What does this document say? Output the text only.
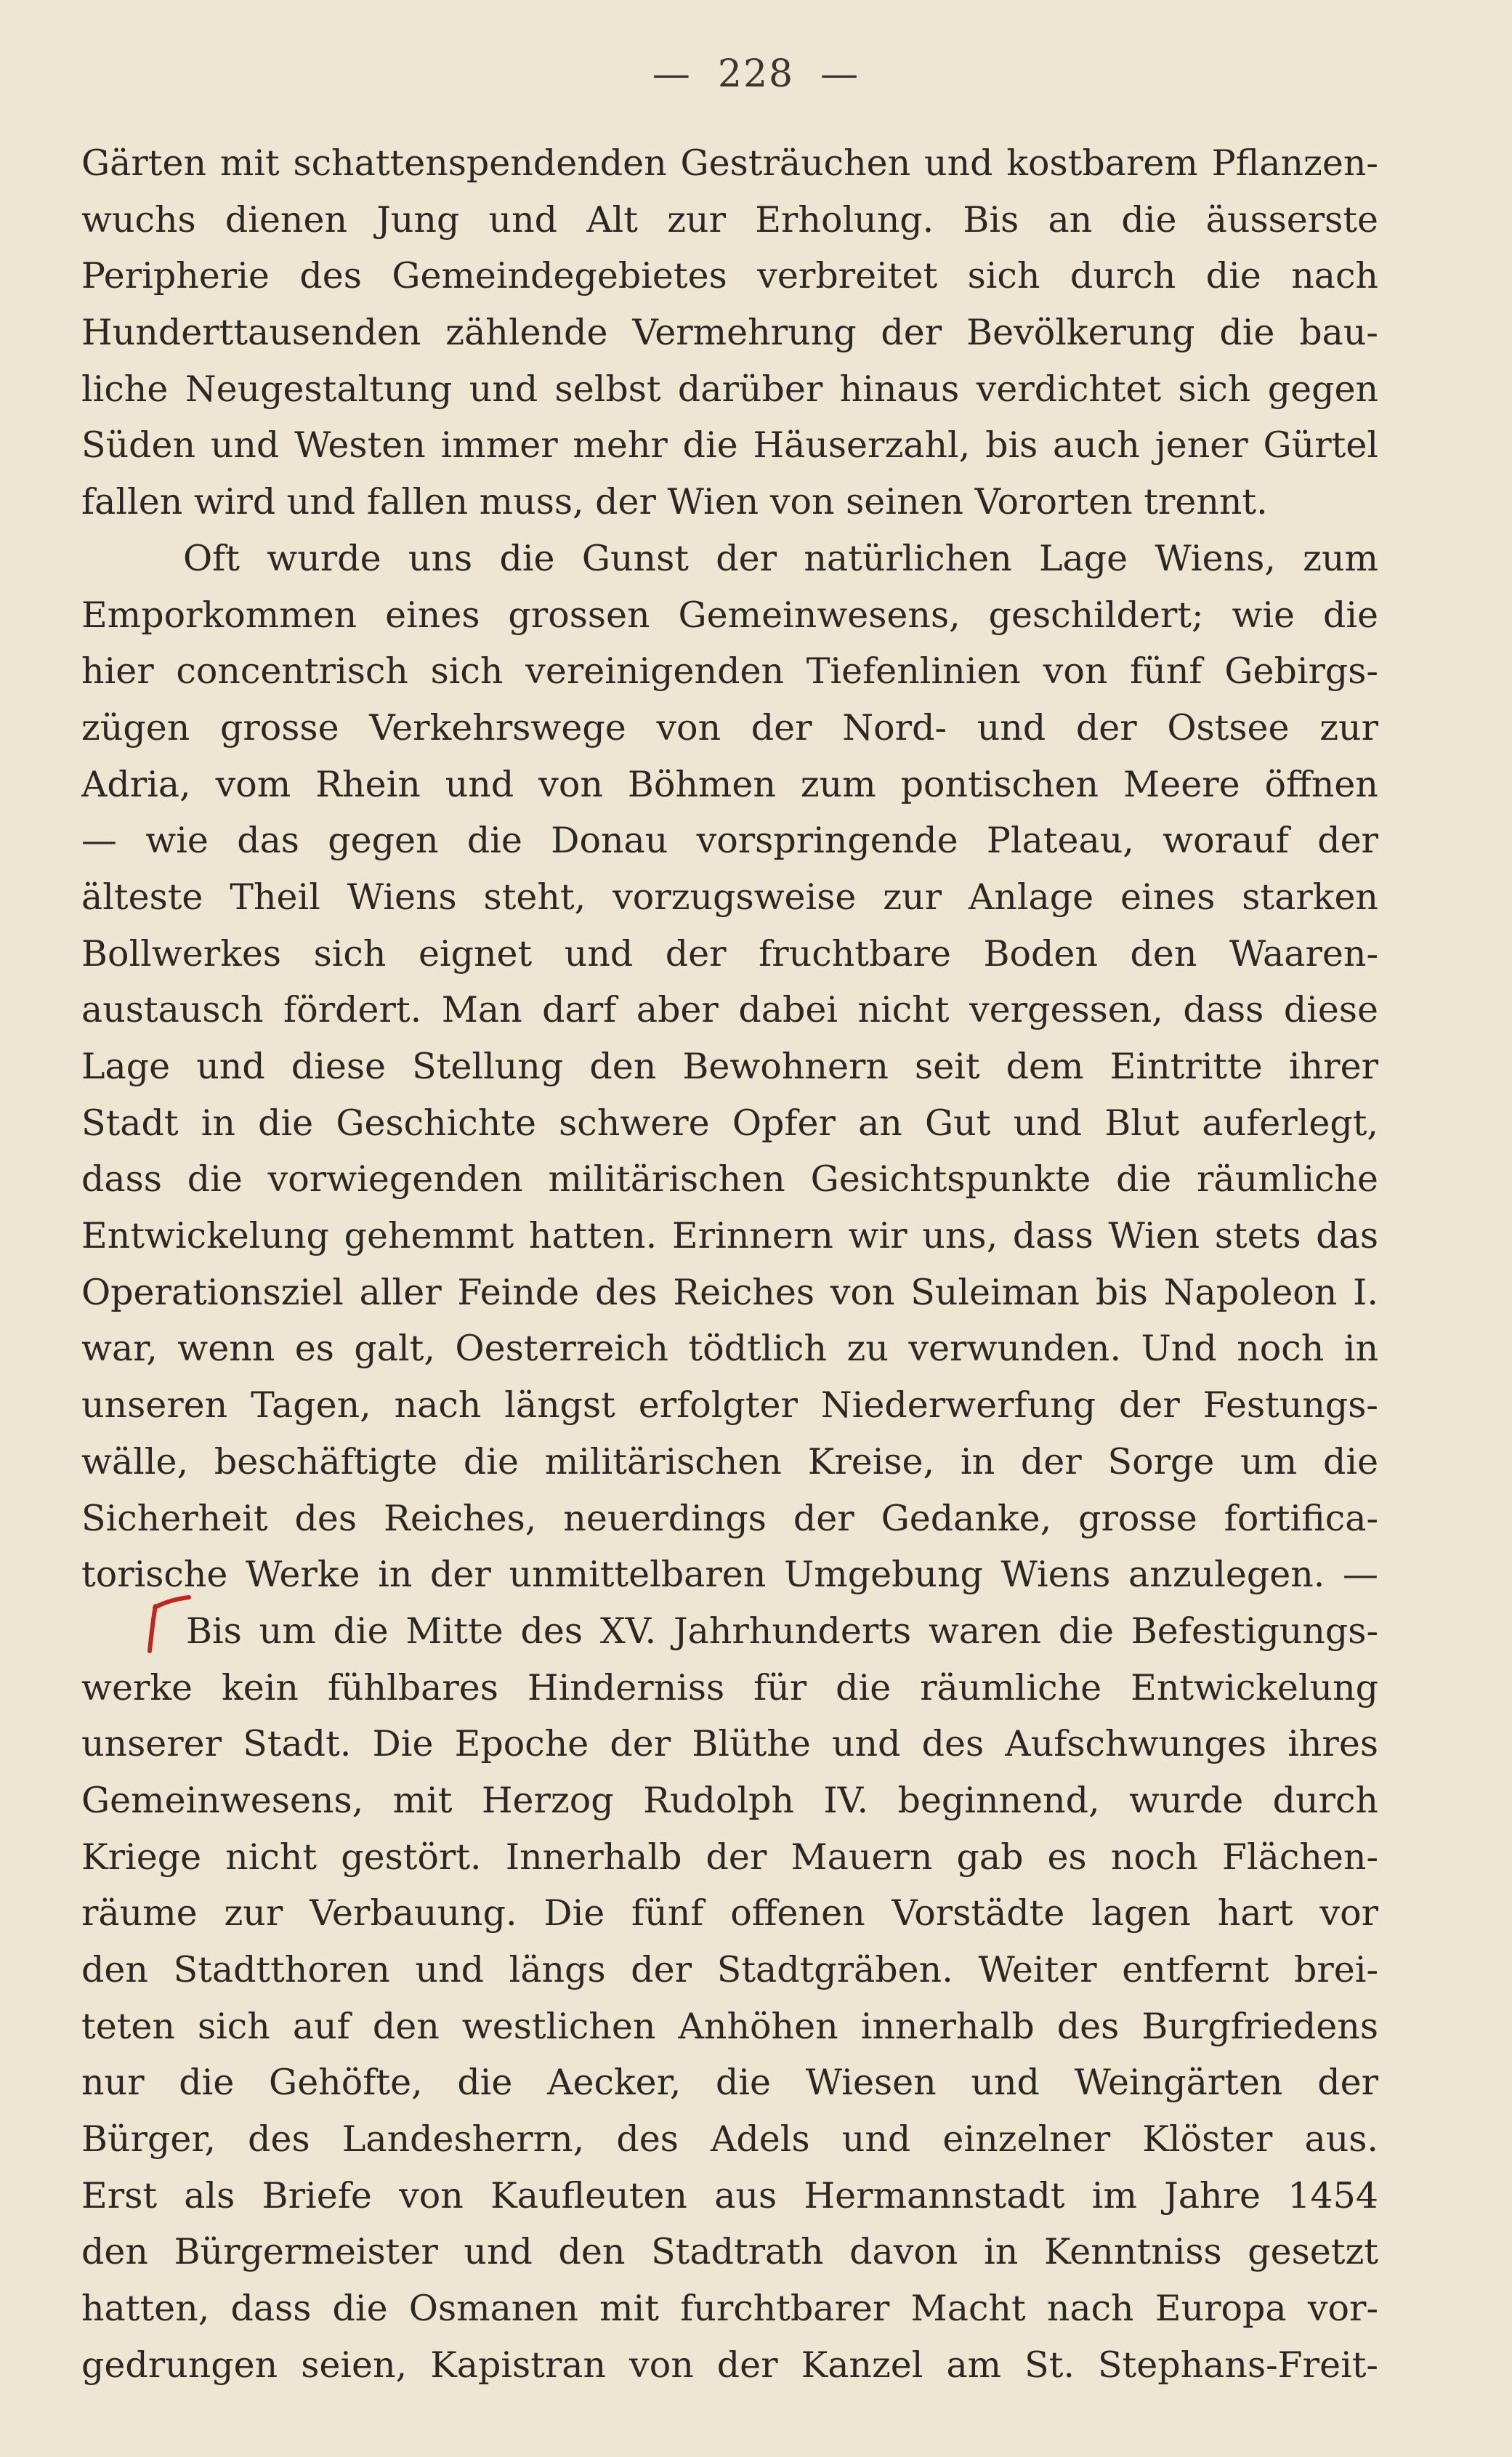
— 228 —
Gärten mit schattenspendenden Gesträuchen und kostbarem Pflanzen-
wuchs dienen Jung und Alt zur Erholung. Bis an die äusserste
Peripherie des Gemeindegebietes verbreitet sich durch die nach
Hunderttausenden zählende Vermehrung der Bevölkerung die bau-
liche Neugestaltung und selbst darüber hinaus verdichtet sich gegen
Süden und Westen immer mehr die Häuserzahl, bis auch jener Gürtel
fallen wird und fallen muss, der Wien von seinen Vororten trennt.
Oft wurde uns die Gunst der natürlichen Lage Wiens, zum
Emporkommen eines grossen Gemeinwesens, geschildert; wie die
hier concentrisch sich vereinigenden Tiefenlinien von fünf Gebirgs-
zügen grosse Verkehrswege von der Nord- und der Ostsee zur
Adria, vom Rhein und von Böhmen zum pontischen Meere öffnen
— wie das gegen die Donau vorspringende Plateau, worauf der
älteste Theil Wiens steht, vorzugsweise zur Anlage eines starken
Bollwerkes sich eignet und der fruchtbare Boden den Waaren-
austausch fördert. Man darf aber dabei nicht vergessen, dass diese
Lage und diese Stellung den Bewohnern seit dem Eintritte ihrer
Stadt in die Geschichte schwere Opfer an Gut und Blut auferlegt,
dass die vorwiegenden militärischen Gesichtspunkte die räumliche
Entwickelung gehemmt hatten. Erinnern wir uns, dass Wien stets das
Operationsziel aller Feinde des Reiches von Suleiman bis Napoleon I.
war, wenn es galt, Oesterreich tödtlich zu verwunden. Und noch in
unseren Tagen, nach längst erfolgter Niederwerfung der Festungs-
wälle, beschäftigte die militärischen Kreise, in der Sorge um die
Sicherheit des Reiches, neuerdings der Gedanke, grosse fortifica-
torische Werke in der unmittelbaren Umgebung Wiens anzulegen. —
Bis um die Mitte des XV. Jahrhunderts waren die Befestigungs-
werke kein fühlbares Hinderniss für die räumliche Entwickelung
unserer Stadt. Die Epoche der Blüthe und des Aufschwunges ihres
Gemeinwesens, mit Herzog Rudolph IV. beginnend, wurde durch
Kriege nicht gestört. Innerhalb der Mauern gab es noch Flächen-
räume zur Verbauung. Die fünf offenen Vorstädte lagen hart vor
den Stadtthoren und längs der Stadtgräben. Weiter entfernt brei-
teten sich auf den westlichen Anhöhen innerhalb des Burgfriedens
nur die Gehöfte, die Aecker, die Wiesen und Weingärten der
Bürger, des Landesherrn, des Adels und einzelner Klöster aus.
Erst als Briefe von Kaufleuten aus Hermannstadt im Jahre 1454
den Bürgermeister und den Stadtrath davon in Kenntniss gesetzt
hatten, dass die Osmanen mit furchtbarer Macht nach Europa vor-
gedrungen seien, Kapistran von der Kanzel am St. Stephans-Freit-
